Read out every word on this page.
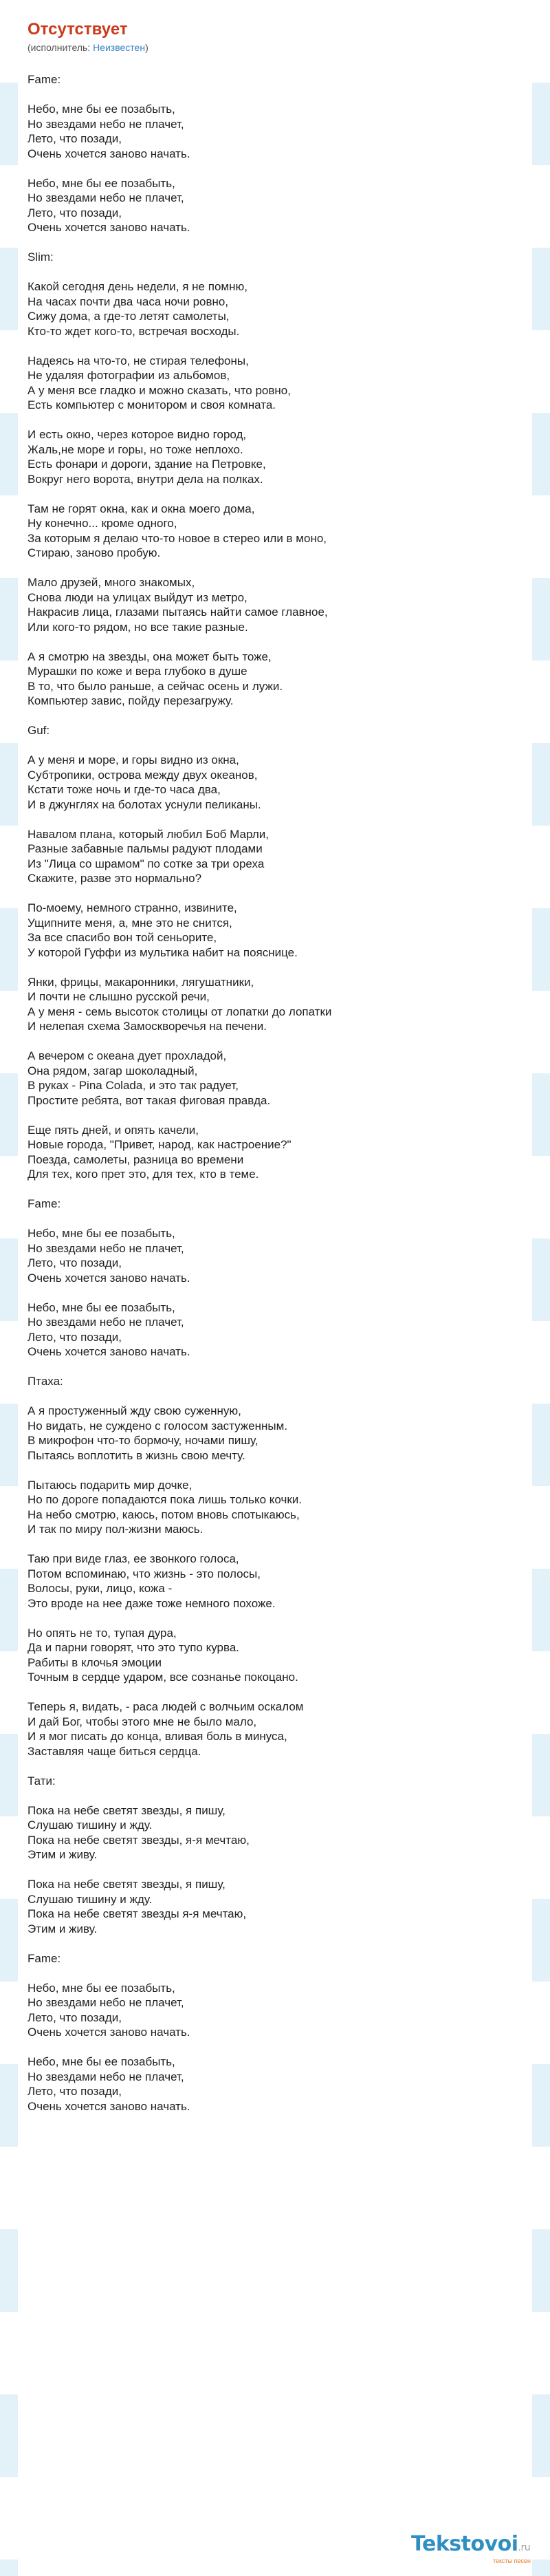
Отсутствует
(исполнитель: Неизвестен)
Fame:
Небо, мне бы ее позабыть,
Но звездами небо не плачет,
Лето, что позади,
Очень хочется заново начать.
Небо, мне бы ее позабыть,
Но звездами небо не плачет,
Лето, что позади,
Очень хочется заново начать.
Slim:
Какой сегодня день недели, я не помню,
На часах почти два часа ночи ровно,
Сижу дома, а где-то летят самолеты,
Кто-то ждет кого-то, встречая восходы.
Надеясь на что-то, не стирая телефоны,
Не удаляя фотографии из альбомов,
А у меня все гладко и можно сказать, что ровно,
Есть компьютер с монитором и своя комната.
И есть окно, через которое видно город,
Жаль,не море и горы, но тоже неплохо.
Есть фонари и дороги, здание на Петровке,
Вокруг него ворота, внутри дела на полках.
Там не горят окна, как и окна моего дома,
Ну конечно... кроме одного,
За которым я делаю что-то новое в стерео или в моно,
Стираю, заново пробую.
Мало друзей, много знакомых,
Снова люди на улицах выйдут из метро,
Накрасив лица, глазами пытаясь найти самое главное,
Или кого-то рядом, но все такие разные.
А я смотрю на звезды, она может быть тоже,
Мурашки по коже и вера глубоко в душе
В то, что было раньше, а сейчас осень и лужи.
Компьютер завис, пойду перезагружу.
Guf:
А у меня и море, и горы видно из окна,
Субтропики, острова между двух океанов,
Кстати тоже ночь и где-то часа два,
И в джунглях на болотах уснули пеликаны.
Навалом плана, который любил Боб Марли,
Разные забавные пальмы радуют плодами
Из "Лица со шрамом" по сотке за три ореха
Скажите, разве это нормально?
По-моему, немного странно, извините,
Ущипните меня, а, мне это не снится,
За все спасибо вон той сеньорите,
У которой Гуффи из мультика набит на пояснице.
Янки, фрицы, макаронники, лягушатники,
И почти не слышно русской речи,
А у меня - семь высоток столицы от лопатки до лопатки
И нелепая схема Замоскворечья на печени.
А вечером с океана дует прохладой,
Она рядом, загар шоколадный,
В руках - Pina Colada, и это так радует,
Простите ребята, вот такая фиговая правда.
Еще пять дней, и опять качели,
Новые города, "Привет, народ, как настроение?"
Поезда, самолеты, разница во времени
Для тех, кого прет это, для тех, кто в теме.
Fame:
Небо, мне бы ее позабыть,
Но звездами небо не плачет,
Лето, что позади,
Очень хочется заново начать.
Небо, мне бы ее позабыть,
Но звездами небо не плачет,
Лето, что позади,
Очень хочется заново начать.
Птаха:
А я простуженный жду свою суженную,
Но видать, не суждено с голосом застуженным.
В микрофон что-то бормочу, ночами пишу,
Пытаясь воплотить в жизнь свою мечту.
Пытаюсь подарить мир дочке,
Но по дороге попадаются пока лишь только кочки.
На небо смотрю, каюсь, потом вновь спотыкаюсь,
И так по миру пол-жизни маюсь.
Таю при виде глаз, ее звонкого голоса,
Потом вспоминаю, что жизнь - это полосы,
Волосы, руки, лицо, кожа -
Это вроде на нее даже тоже немного похоже.
Но опять не то, тупая дура,
Да и парни говорят, что это тупо курва.
Рабиты в клочья эмоции
Точным в сердце ударом, все сознанье покоцано.
Теперь я, видать, - раса людей с волчьим оскалом
И дай Бог, чтобы этого мне не было мало,
И я мог писать до конца, вливая боль в минуса,
Заставляя чаще биться сердца.
Тати:
Пока на небе светят звезды, я пишу,
Слушаю тишину и жду.
Пока на небе светят звезды, я-я мечтаю,
Этим и живу.
Пока на небе светят звезды, я пишу,
Слушаю тишину и жду.
Пока на небе светят звезды я-я мечтаю,
Этим и живу.
Fame:
Небо, мне бы ее позабыть,
Но звездами небо не плачет,
Лето, что позади,
Очень хочется заново начать.
Небо, мне бы ее позабыть,
Но звездами небо не плачет,
Лето, что позади,
Очень хочется заново начать.
Tekstovoi.ru
тексты песен
